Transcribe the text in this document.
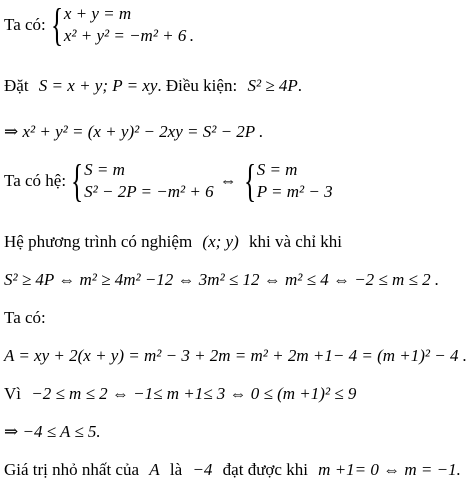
Ta có: { x + y = m
x² + y² = −m² + 6 .
Đặt S = x + y; P = xy. Điều kiện: S² ≥ 4P.
⇒ x² + y² = (x + y)² − 2xy = S² − 2P .
Ta có hệ: { S = m
S² − 2P = −m² + 6
⇔ { S = m
P = m² − 3
Hệ phương trình có nghiệm (x; y) khi và chỉ khi
S² ≥ 4P ⇔ m² ≥ 4m² −12 ⇔ 3m² ≤ 12 ⇔ m² ≤ 4 ⇔ −2 ≤ m ≤ 2 .
Ta có:
A = xy + 2(x + y) = m² − 3 + 2m = m² + 2m +1− 4 = (m +1)² − 4 .
Vì −2 ≤ m ≤ 2 ⇔ −1≤ m +1≤ 3 ⇔ 0 ≤ (m +1)² ≤ 9
⇒ −4 ≤ A ≤ 5.
Giá trị nhỏ nhất của A là −4 đạt được khi m +1= 0 ⇔ m = −1.
